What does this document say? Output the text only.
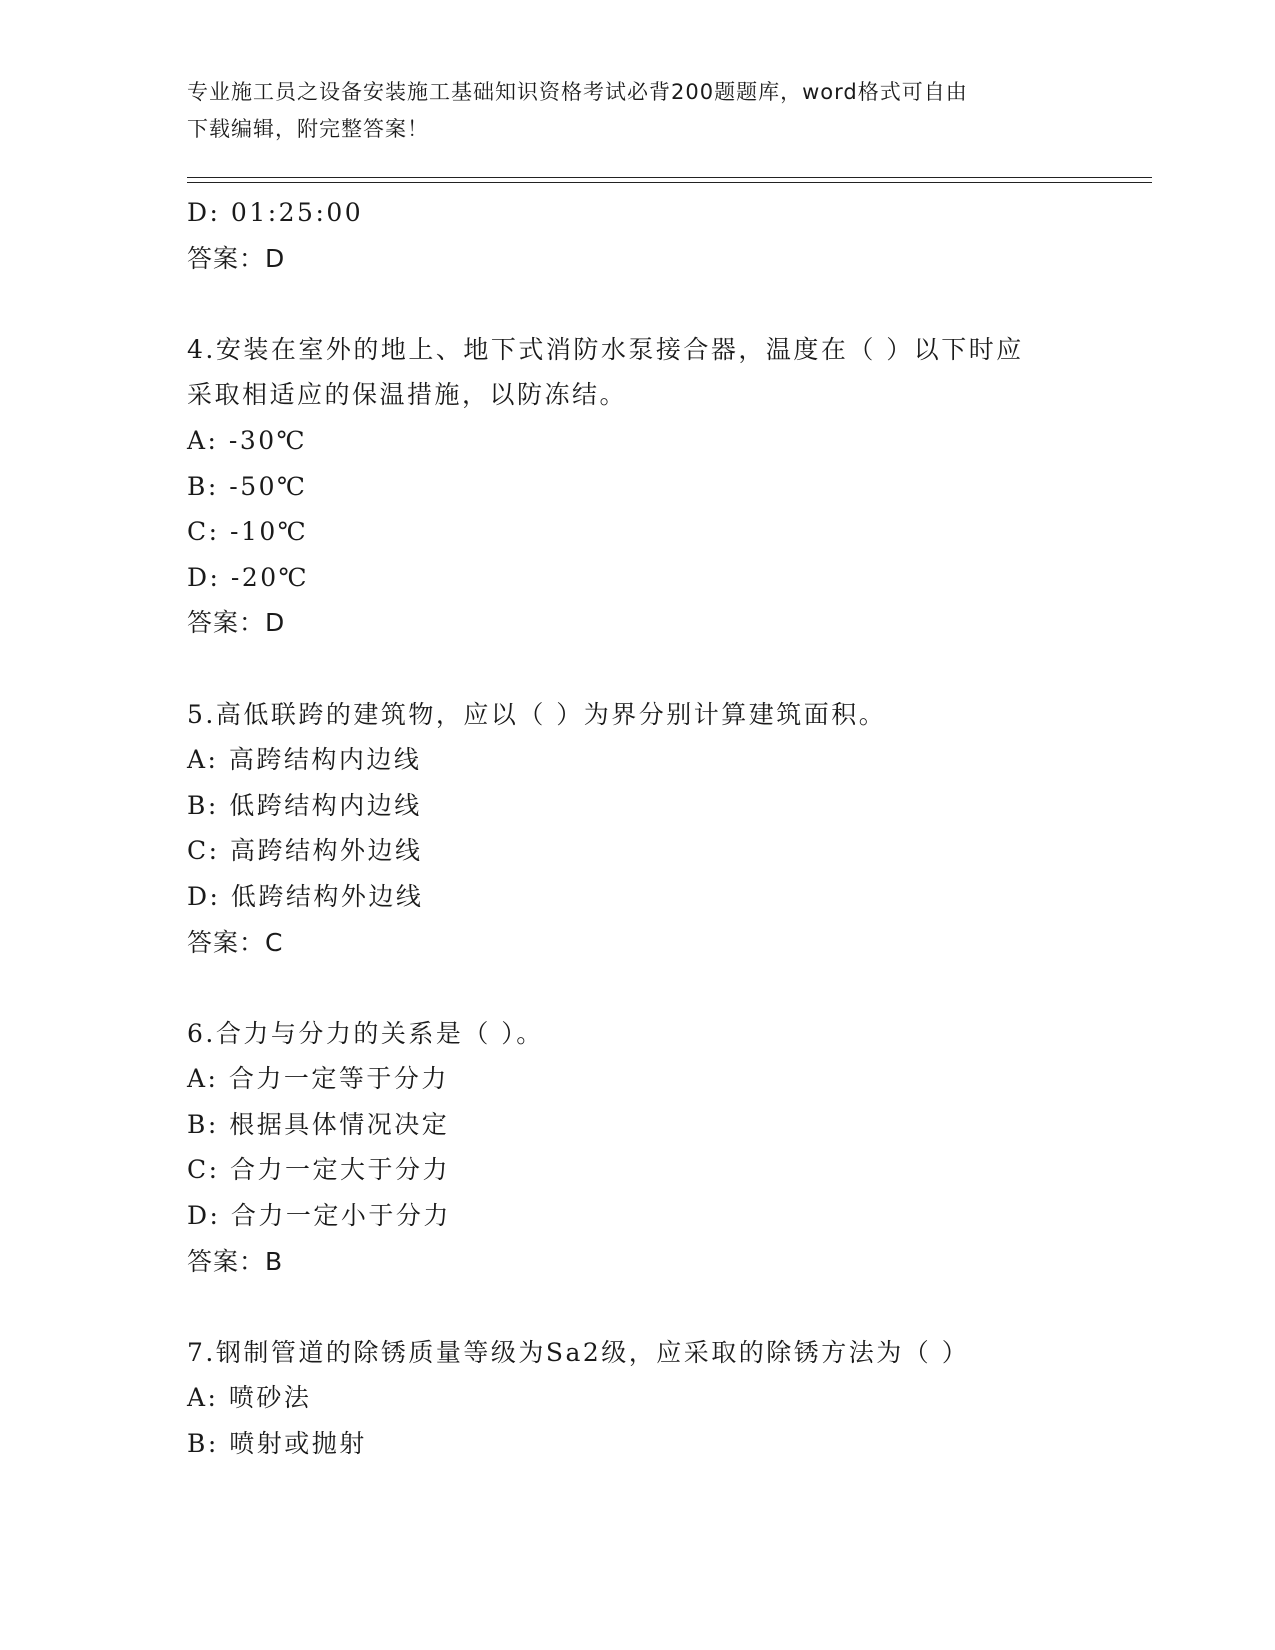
专业施工员之设备安装施工基础知识资格考试必背200题题库，word格式可自由
下载编辑，附完整答案！
D: 01:25:00
答案：D
4.安装在室外的地上、地下式消防水泵接合器，温度在（ ）以下时应
采取相适应的保温措施，以防冻结。
A: -30℃
B: -50℃
C: -10℃
D: -20℃
答案：D
5.高低联跨的建筑物，应以（ ）为界分别计算建筑面积。
A: 高跨结构内边线
B: 低跨结构内边线
C: 高跨结构外边线
D: 低跨结构外边线
答案：C
6.合力与分力的关系是（ ）。
A: 合力一定等于分力
B: 根据具体情况决定
C: 合力一定大于分力
D: 合力一定小于分力
答案：B
7.钢制管道的除锈质量等级为Sa2级，应采取的除锈方法为（ ）
A: 喷砂法
B: 喷射或抛射
